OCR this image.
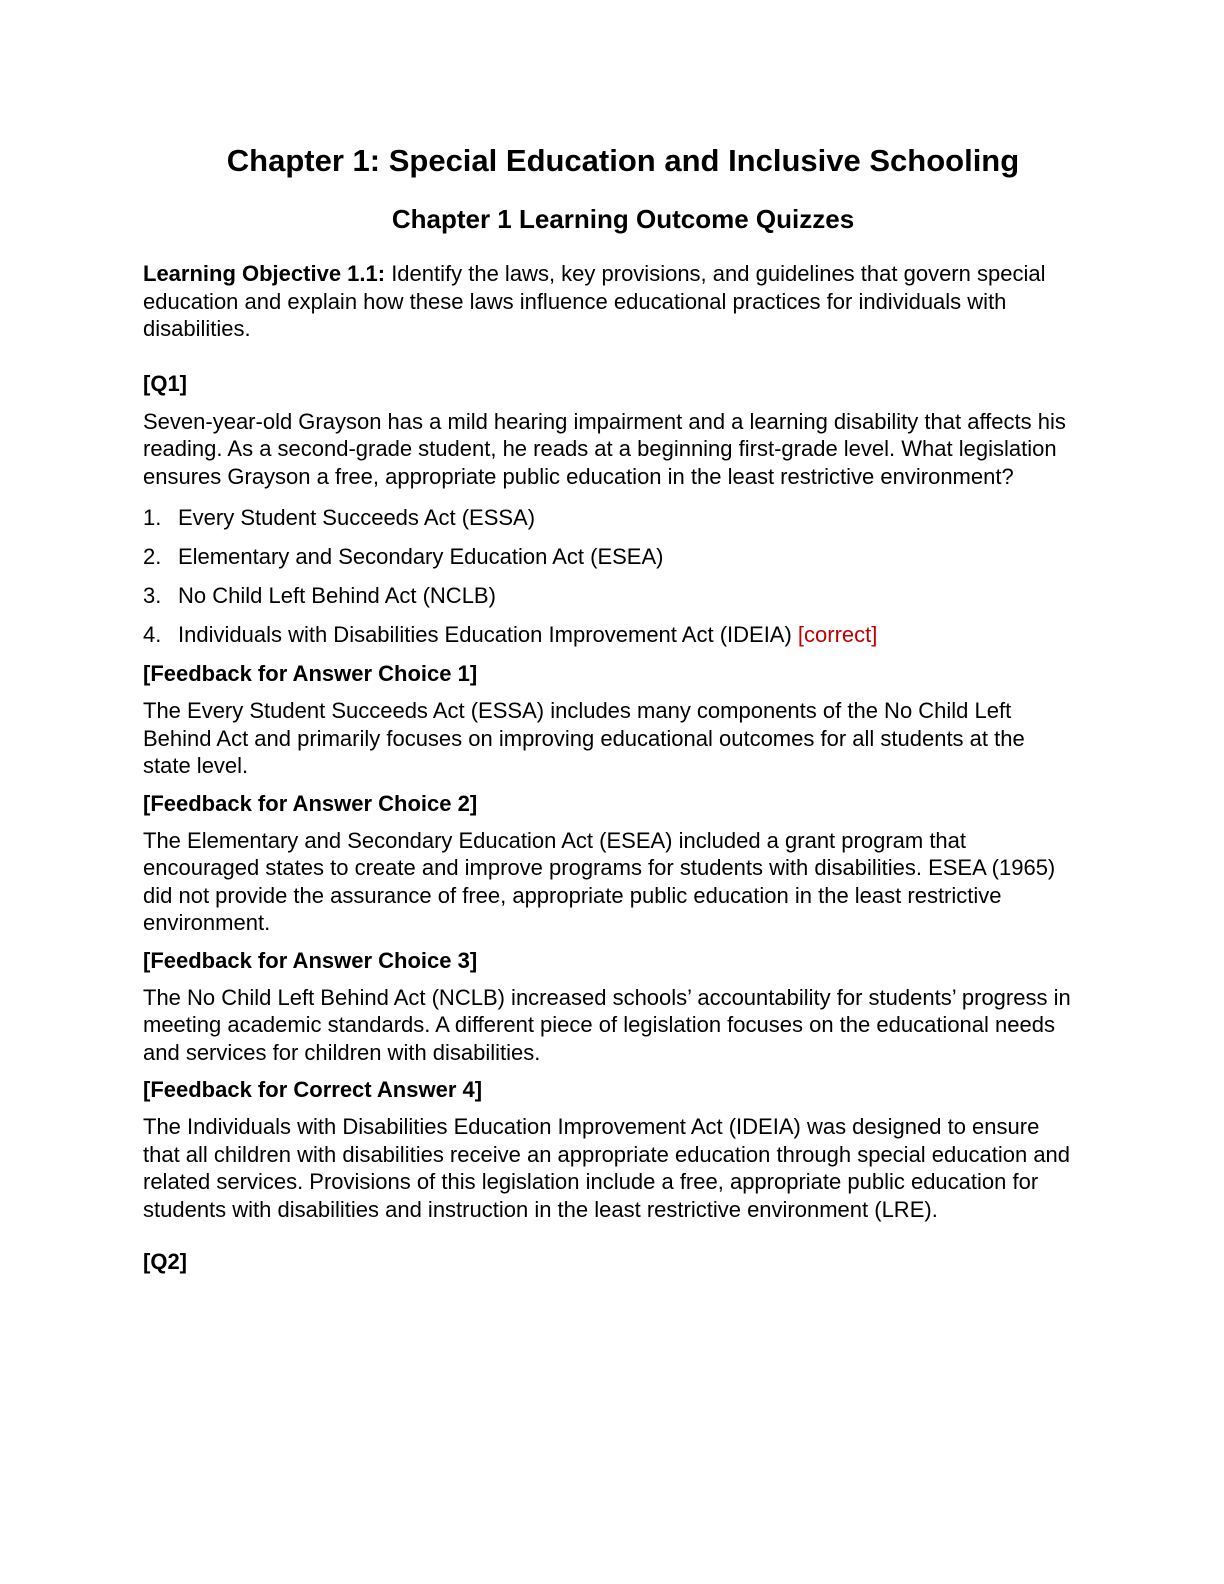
Chapter 1: Special Education and Inclusive Schooling
Chapter 1 Learning Outcome Quizzes

Learning Objective 1.1: Identify the laws, key provisions, and guidelines that govern special education and explain how these laws influence educational practices for individuals with disabilities.

[Q1]

Seven-year-old Grayson has a mild hearing impairment and a learning disability that affects his reading. As a second-grade student, he reads at a beginning first-grade level. What legislation ensures Grayson a free, appropriate public education in the least restrictive environment?

1. Every Student Succeeds Act (ESSA)
2. Elementary and Secondary Education Act (ESEA)
3. No Child Left Behind Act (NCLB)
4. Individuals with Disabilities Education Improvement Act (IDEIA) [correct]
[Feedback for Answer Choice 1]

The Every Student Succeeds Act (ESSA) includes many components of the No Child Left Behind Act and primarily focuses on improving educational outcomes for all students at the state level.

[Feedback for Answer Choice 2]

The Elementary and Secondary Education Act (ESEA) included a grant program that encouraged states to create and improve programs for students with disabilities. ESEA (1965) did not provide the assurance of free, appropriate public education in the least restrictive environment.

[Feedback for Answer Choice 3]

The No Child Left Behind Act (NCLB) increased schools’ accountability for students’ progress in meeting academic standards. A different piece of legislation focuses on the educational needs and services for children with disabilities.

[Feedback for Correct Answer 4]

The Individuals with Disabilities Education Improvement Act (IDEIA) was designed to ensure that all children with disabilities receive an appropriate education through special education and related services. Provisions of this legislation include a free, appropriate public education for students with disabilities and instruction in the least restrictive environment (LRE).

[Q2]
